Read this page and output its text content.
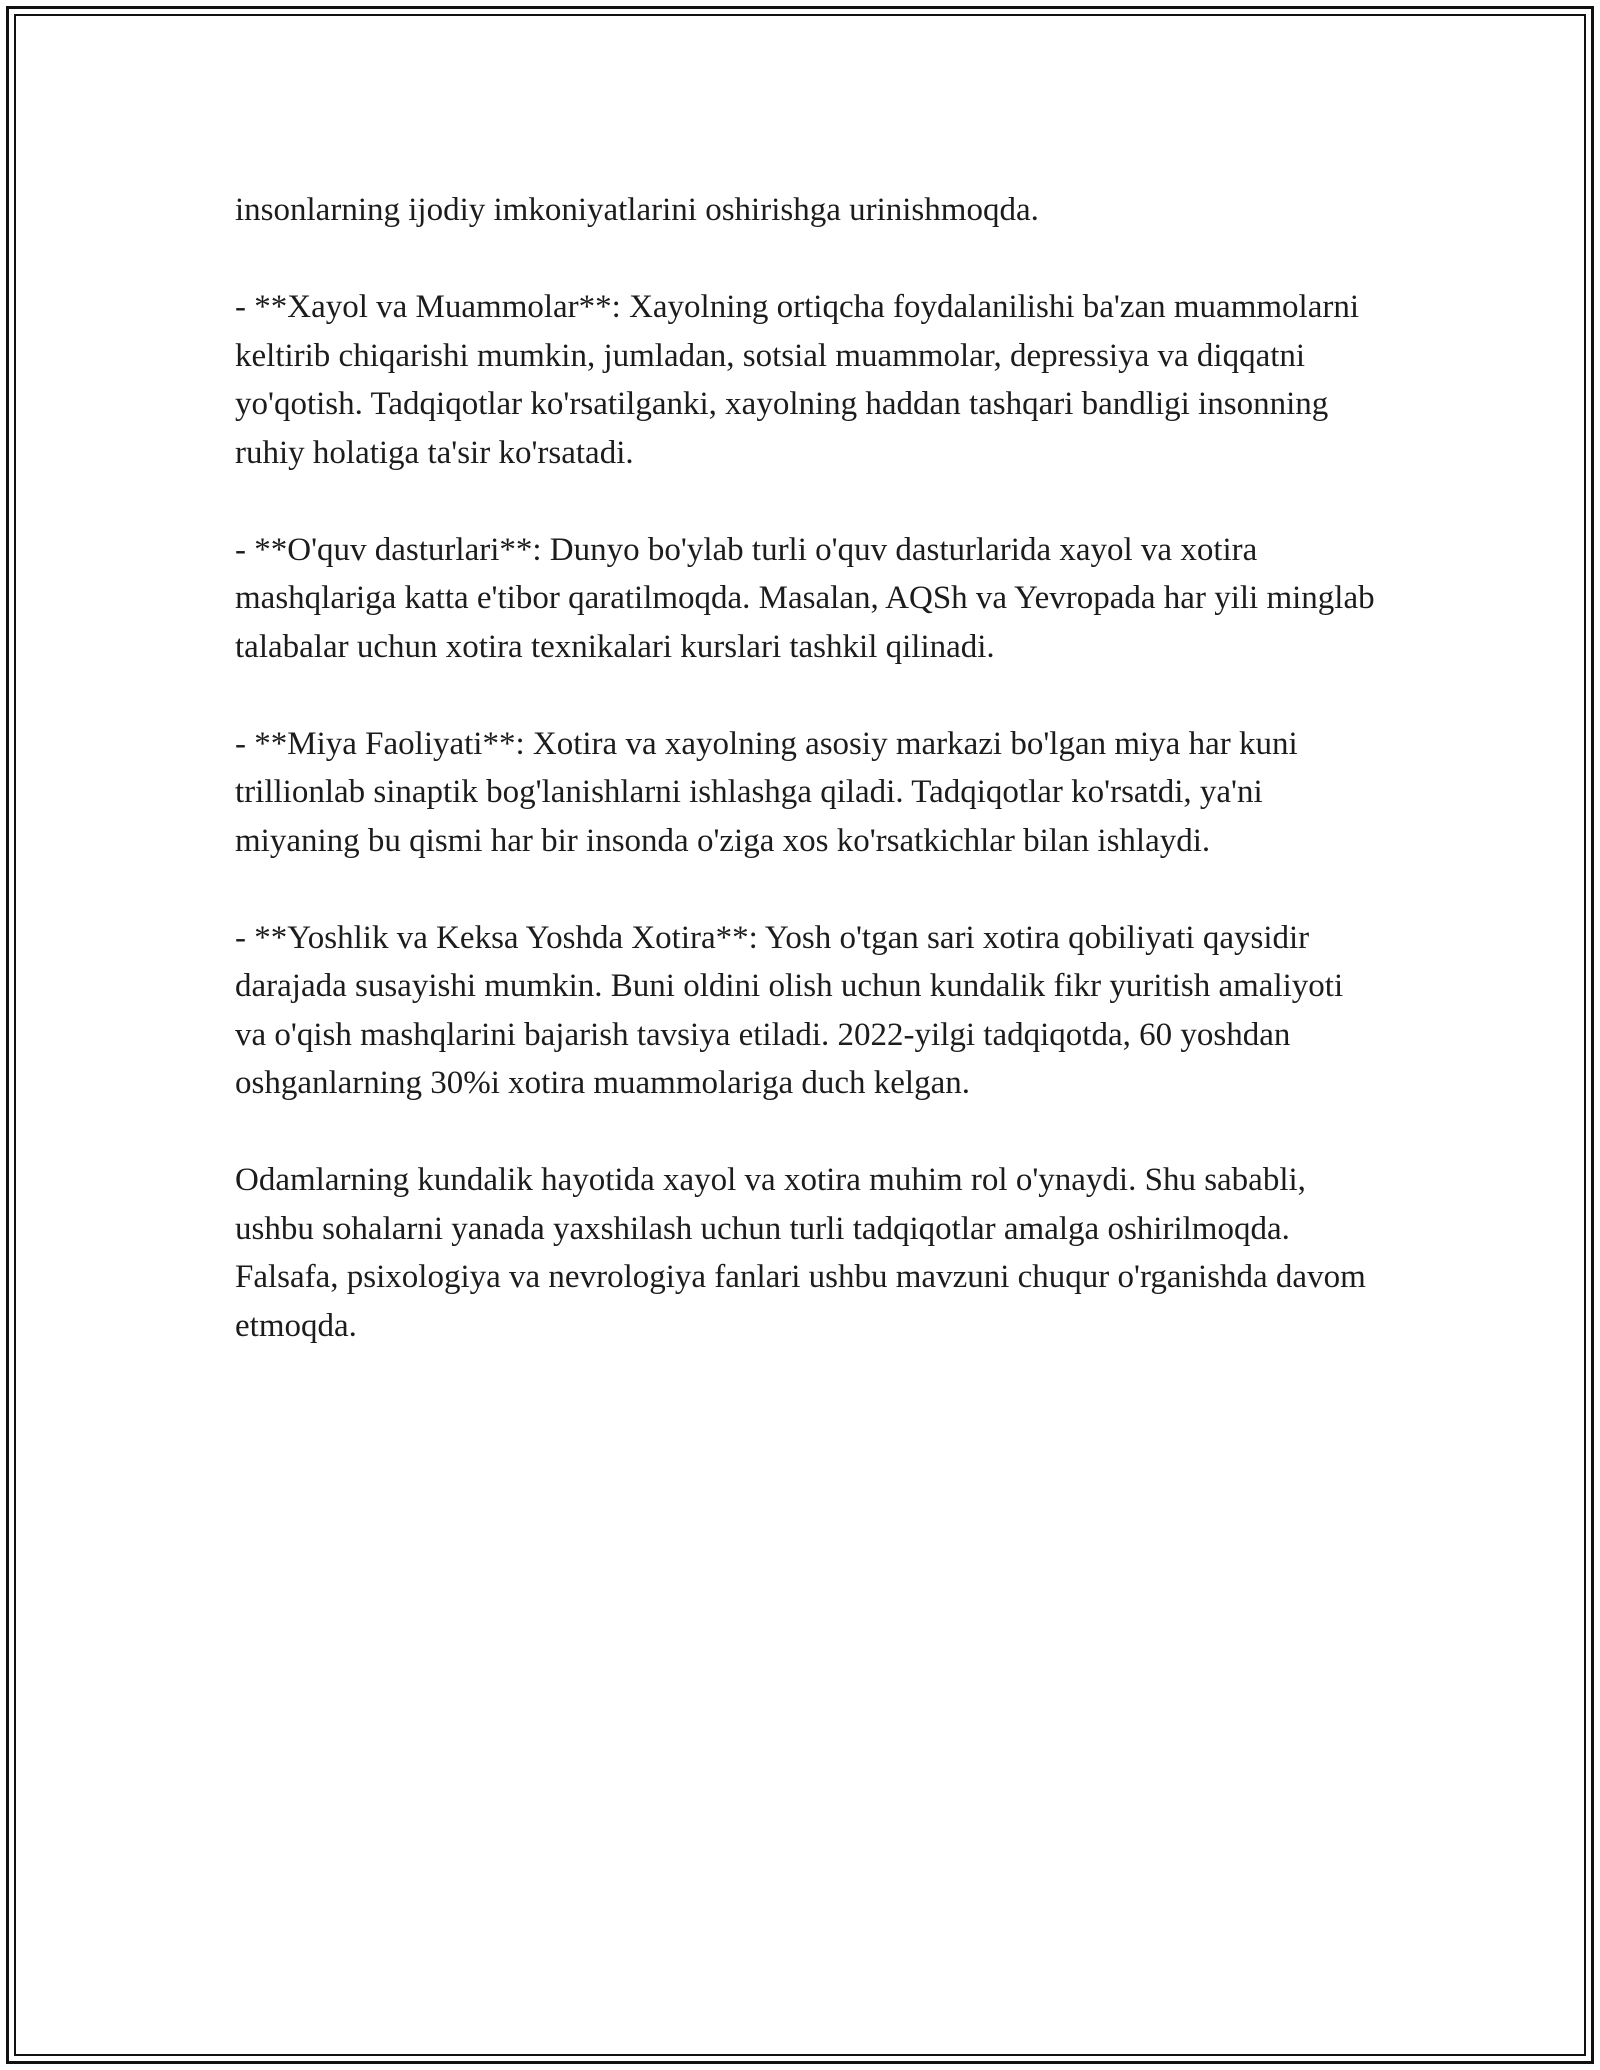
insonlarning ijodiy imkoniyatlarini oshirishga urinishmoqda.

- **Xayol va Muammolar**: Xayolning ortiqcha foydalanilishi ba'zan muammolarni keltirib chiqarishi mumkin, jumladan, sotsial muammolar, depressiya va diqqatni yo'qotish. Tadqiqotlar ko'rsatilganki, xayolning haddan tashqari bandligi insonning ruhiy holatiga ta'sir ko'rsatadi.

- **O'quv dasturlari**: Dunyo bo'ylab turli o'quv dasturlarida xayol va xotira mashqlariga katta e'tibor qaratilmoqda. Masalan, AQSh va Yevropada har yili minglab talabalar uchun xotira texnikalari kurslari tashkil qilinadi.

- **Miya Faoliyati**: Xotira va xayolning asosiy markazi bo'lgan miya har kuni trillionlab sinaptik bog'lanishlarni ishlashga qiladi. Tadqiqotlar ko'rsatdi, ya'ni miyaning bu qismi har bir insonda o'ziga xos ko'rsatkichlar bilan ishlaydi.

- **Yoshlik va Keksa Yoshda Xotira**: Yosh o'tgan sari xotira qobiliyati qaysidir darajada susayishi mumkin. Buni oldini olish uchun kundalik fikr yuritish amaliyoti va o'qish mashqlarini bajarish tavsiya etiladi. 2022-yilgi tadqiqotda, 60 yoshdan oshganlarning 30%i xotira muammolariga duch kelgan.

Odamlarning kundalik hayotida xayol va xotira muhim rol o'ynaydi. Shu sababli, ushbu sohalarni yanada yaxshilash uchun turli tadqiqotlar amalga oshirilmoqda. Falsafa, psixologiya va nevrologiya fanlari ushbu mavzuni chuqur o'rganishda davom etmoqda.
